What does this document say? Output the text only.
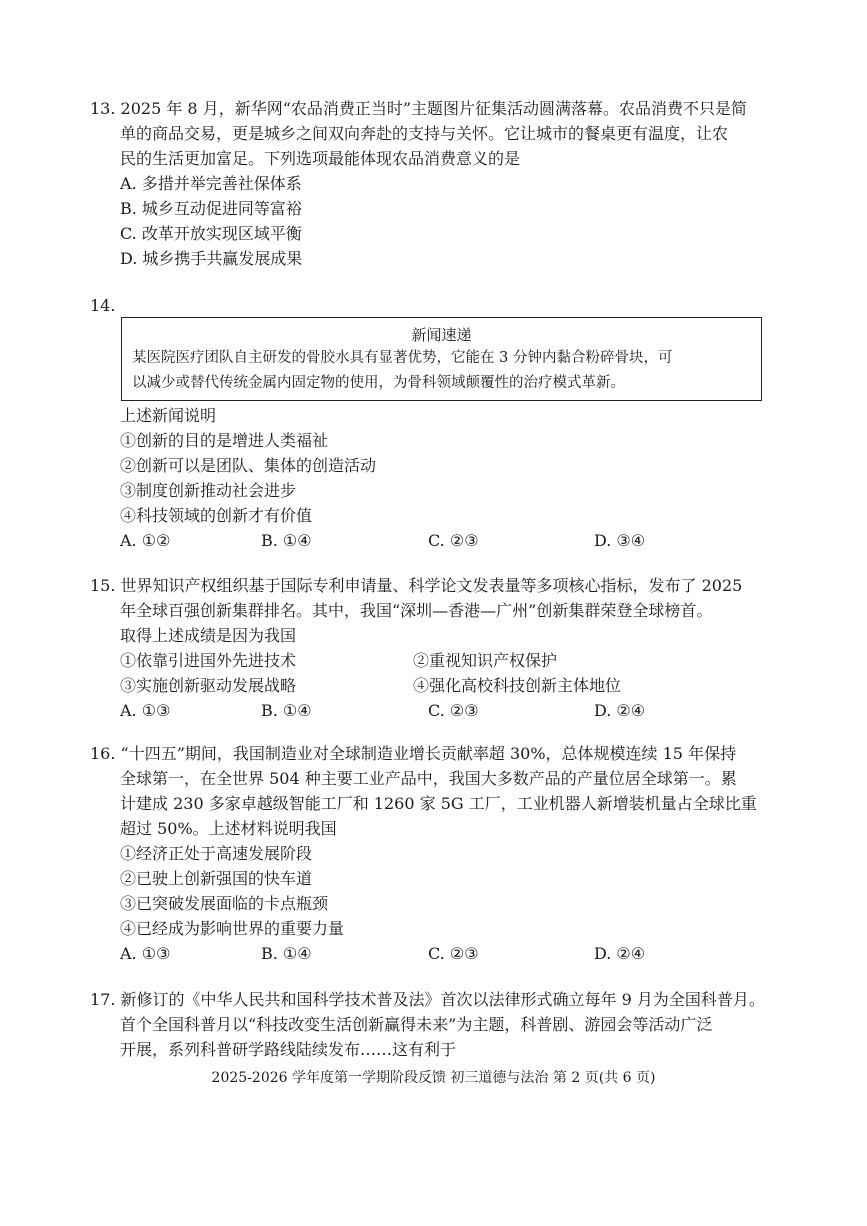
13. 2025 年 8 月，新华网“农品消费正当时”主题图片征集活动圆满落幕。农品消费不只是简
单的商品交易，更是城乡之间双向奔赴的支持与关怀。它让城市的餐桌更有温度，让农
民的生活更加富足。下列选项最能体现农品消费意义的是
A. 多措并举完善社保体系
B. 城乡互动促进同等富裕
C. 改革开放实现区域平衡
D. 城乡携手共赢发展成果
14.
新闻速递
某医院医疗团队自主研发的骨胶水具有显著优势，它能在 3 分钟内黏合粉碎骨块，可
以减少或替代传统金属内固定物的使用，为骨科领域颠覆性的治疗模式革新。
上述新闻说明
①创新的目的是增进人类福祉
②创新可以是团队、集体的创造活动
③制度创新推动社会进步
④科技领域的创新才有价值
A. ①②	B. ①④	C. ②③	D. ③④
15. 世界知识产权组织基于国际专利申请量、科学论文发表量等多项核心指标，发布了 2025
年全球百强创新集群排名。其中，我国“深圳—香港—广州”创新集群荣登全球榜首。
取得上述成绩是因为我国
①依靠引进国外先进技术	②重视知识产权保护
③实施创新驱动发展战略	④强化高校科技创新主体地位
A. ①③	B. ①④	C. ②③	D. ②④
16. “十四五”期间，我国制造业对全球制造业增长贡献率超 30%，总体规模连续 15 年保持
全球第一，在全世界 504 种主要工业产品中，我国大多数产品的产量位居全球第一。累
计建成 230 多家卓越级智能工厂和 1260 家 5G 工厂，工业机器人新增装机量占全球比重
超过 50%。上述材料说明我国
①经济正处于高速发展阶段
②已驶上创新强国的快车道
③已突破发展面临的卡点瓶颈
④已经成为影响世界的重要力量
A. ①③	B. ①④	C. ②③	D. ②④
17. 新修订的《中华人民共和国科学技术普及法》首次以法律形式确立每年 9 月为全国科普月。
首个全国科普月以“科技改变生活创新赢得未来”为主题，科普剧、游园会等活动广泛
开展，系列科普研学路线陆续发布……这有利于
2025-2026 学年度第一学期阶段反馈 初三道德与法治 第 2 页(共 6 页)
